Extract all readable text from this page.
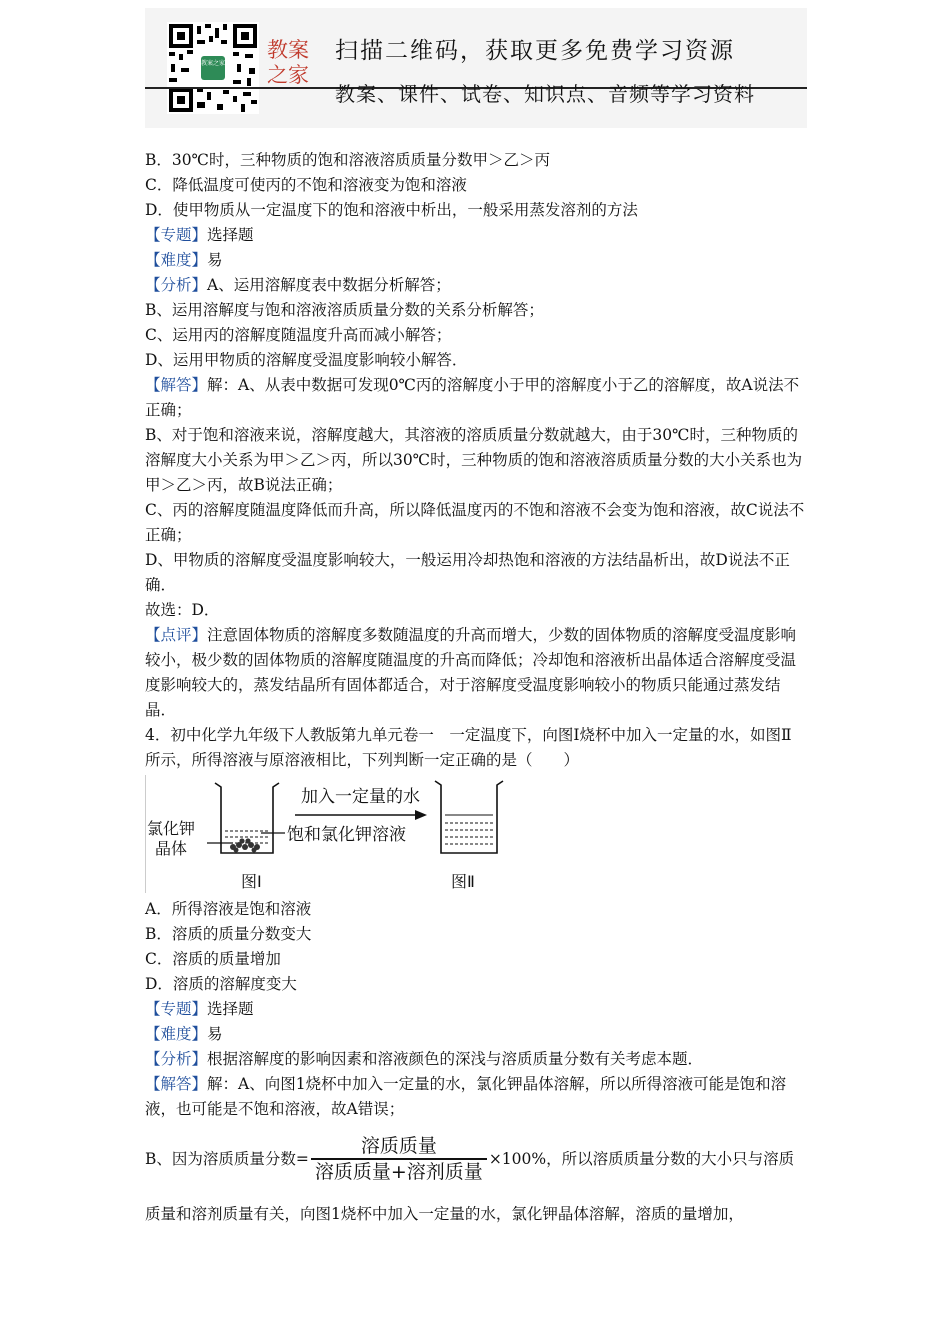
教案之家
教案
之家
扫描二维码，获取更多免费学习资源
教案、课件、试卷、知识点、音频等学习资料

B．30℃时，三种物质的饱和溶液溶质质量分数甲＞乙＞丙

C．降低温度可使丙的不饱和溶液变为饱和溶液

D．使甲物质从一定温度下的饱和溶液中析出，一般采用蒸发溶剂的方法

【专题】选择题

【难度】易

【分析】A、运用溶解度表中数据分析解答；

B、运用溶解度与饱和溶液溶质质量分数的关系分析解答；

C、运用丙的溶解度随温度升高而减小解答；

D、运用甲物质的溶解度受温度影响较小解答．

【解答】解：A、从表中数据可发现0℃丙的溶解度小于甲的溶解度小于乙的溶解度，故A说法不正确；

B、对于饱和溶液来说，溶解度越大，其溶液的溶质质量分数就越大，由于30℃时，三种物质的溶解度大小关系为甲＞乙＞丙，所以30℃时，三种物质的饱和溶液溶质质量分数的大小关系也为甲＞乙＞丙，故B说法正确；

C、丙的溶解度随温度降低而升高，所以降低温度丙的不饱和溶液不会变为饱和溶液，故C说法不正确；

D、甲物质的溶解度受温度影响较大，一般运用冷却热饱和溶液的方法结晶析出，故D说法不正确．

故选：D．

【点评】注意固体物质的溶解度多数随温度的升高而增大，少数的固体物质的溶解度受温度影响较小，极少数的固体物质的溶解度随温度的升高而降低；冷却饱和溶液析出晶体适合溶解度受温度影响较大的，蒸发结晶所有固体都适合，对于溶解度受温度影响较小的物质只能通过蒸发结晶．

4．初中化学九年级下人教版第九单元卷一　一定温度下，向图Ⅰ烧杯中加入一定量的水，如图Ⅱ所示，所得溶液与原溶液相比，下列判断一定正确的是（　　）

氯化钾
晶体
加入一定量的水
饱和氯化钾溶液
图Ⅰ	图Ⅱ

A．所得溶液是饱和溶液

B．溶质的质量分数变大

C．溶质的质量增加

D．溶质的溶解度变大

【专题】选择题

【难度】易

【分析】根据溶解度的影响因素和溶液颜色的深浅与溶质质量分数有关考虑本题．

【解答】解：A、向图1烧杯中加入一定量的水，氯化钾晶体溶解，所以所得溶液可能是饱和溶液，也可能是不饱和溶液，故A错误；

B、因为溶质质量分数= $\frac{\text{溶质质量}}{\text{溶质质量+溶剂质量}} \times 100\%$，所以溶质质量分数的大小只与溶质

质量和溶剂质量有关，向图1烧杯中加入一定量的水，氯化钾晶体溶解，溶质的量增加，
